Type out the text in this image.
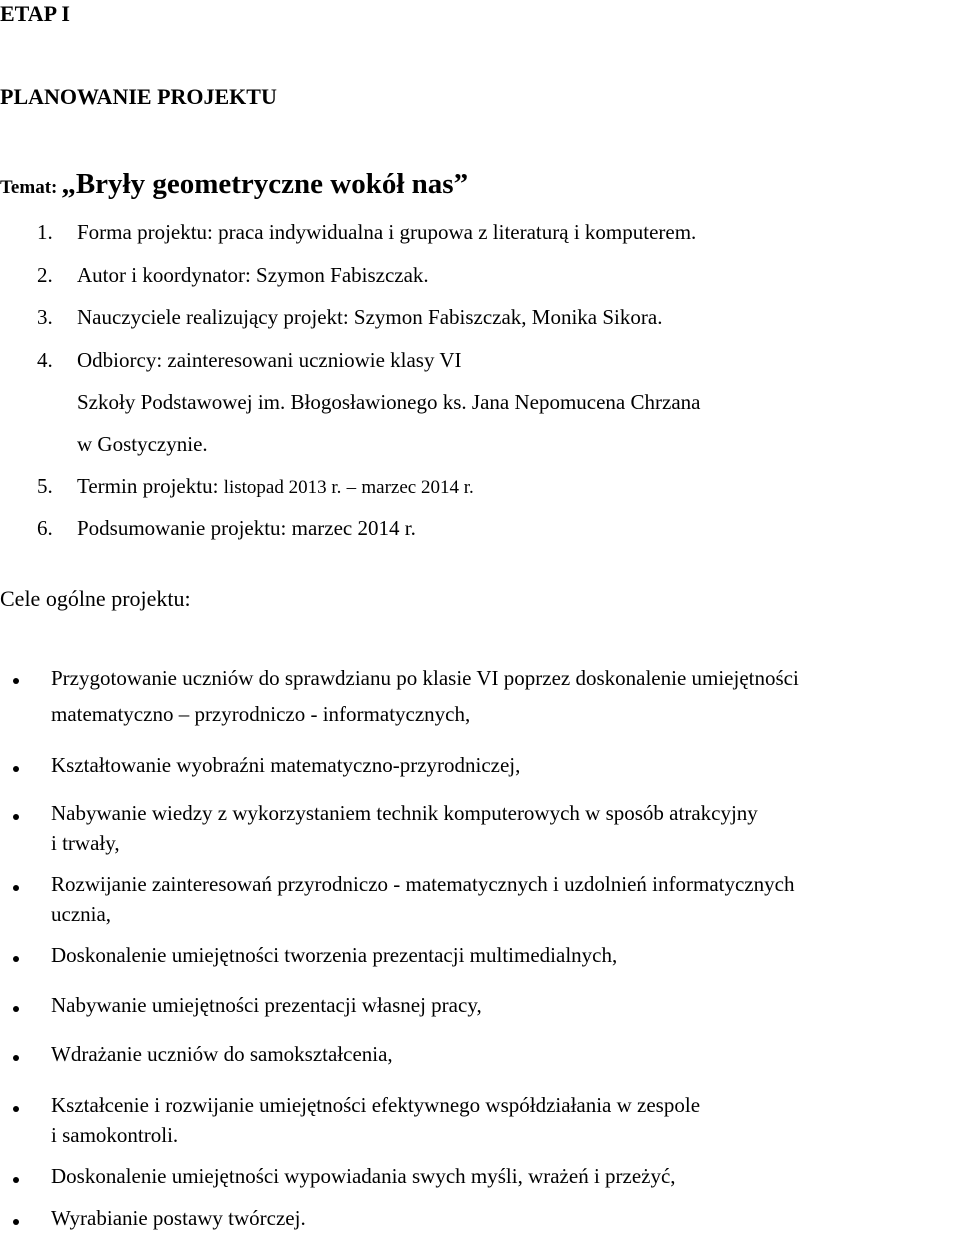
ETAP I
PLANOWANIE PROJEKTU
Temat: „Bryły geometryczne wokół nas”
1. Forma projektu: praca indywidualna i grupowa z literaturą i komputerem.
2. Autor i koordynator: Szymon Fabiszczak.
3. Nauczyciele realizujący projekt: Szymon Fabiszczak, Monika Sikora.
4. Odbiorcy: zainteresowani uczniowie klasy VI
Szkoły Podstawowej im. Błogosławionego ks. Jana Nepomucena Chrzana
w Gostyczynie.
5. Termin projektu: listopad 2013 r. – marzec 2014 r.
6. Podsumowanie projektu: marzec 2014 r.
Cele ogólne projektu:
Przygotowanie uczniów do sprawdzianu po klasie VI poprzez doskonalenie umiejętności
matematyczno – przyrodniczo - informatycznych,
Kształtowanie wyobraźni matematyczno-przyrodniczej,
Nabywanie wiedzy z wykorzystaniem technik komputerowych w sposób atrakcyjny
i trwały,
Rozwijanie zainteresowań przyrodniczo - matematycznych i uzdolnień informatycznych
ucznia,
Doskonalenie umiejętności tworzenia prezentacji multimedialnych,
Nabywanie umiejętności prezentacji własnej pracy,
Wdrażanie uczniów do samokształcenia,
Kształcenie i rozwijanie umiejętności efektywnego współdziałania w zespole
i samokontroli.
Doskonalenie umiejętności wypowiadania swych myśli, wrażeń i przeżyć,
Wyrabianie postawy twórczej.
